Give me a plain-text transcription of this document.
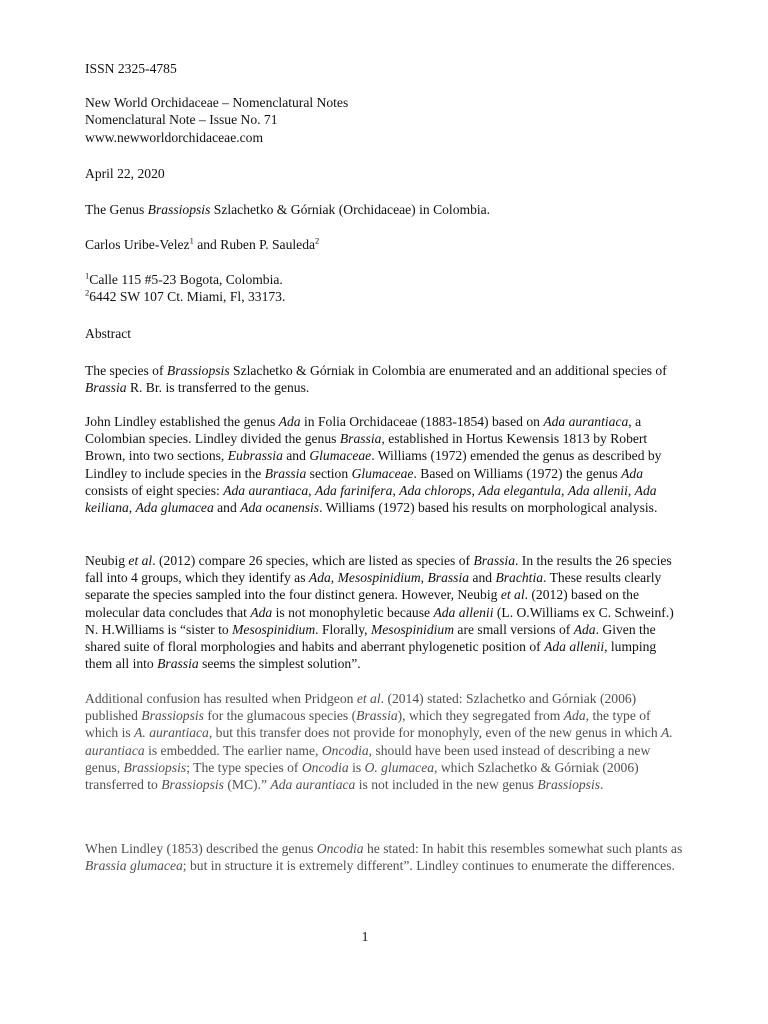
ISSN 2325-4785
New World Orchidaceae – Nomenclatural Notes
Nomenclatural Note – Issue No. 71
www.newworldorchidaceae.com
April 22, 2020
The Genus Brassiopsis Szlachetko & Górniak (Orchidaceae) in Colombia.
Carlos Uribe-Velez$^1$ and Ruben P. Sauleda$^2$
$^1$Calle 115 #5-23 Bogota, Colombia.
$^2$6442 SW 107 Ct. Miami, Fl, 33173.
Abstract

The species of Brassiopsis Szlachetko & Górniak in Colombia are enumerated and an additional species of Brassia R. Br. is transferred to the genus.

John Lindley established the genus Ada in Folia Orchidaceae (1883-1854) based on Ada aurantiaca, a Colombian species. Lindley divided the genus Brassia, established in Hortus Kewensis 1813 by Robert Brown, into two sections, Eubrassia and Glumaceae. Williams (1972) emended the genus as described by Lindley to include species in the Brassia section Glumaceae. Based on Williams (1972) the genus Ada consists of eight species: Ada aurantiaca, Ada farinifera, Ada chlorops, Ada elegantula, Ada allenii, Ada keiliana, Ada glumacea and Ada ocanensis. Williams (1972) based his results on morphological analysis.

Neubig et al. (2012) compare 26 species, which are listed as species of Brassia. In the results the 26 species fall into 4 groups, which they identify as Ada, Mesospinidium, Brassia and Brachtia. These results clearly separate the species sampled into the four distinct genera. However, Neubig et al. (2012) based on the molecular data concludes that Ada is not monophyletic because Ada allenii (L. O.Williams ex C. Schweinf.) N. H.Williams is “sister to Mesospinidium. Florally, Mesospinidium are small versions of Ada. Given the shared suite of floral morphologies and habits and aberrant phylogenetic position of Ada allenii, lumping them all into Brassia seems the simplest solution”.

Additional confusion has resulted when Pridgeon et al. (2014) stated: Szlachetko and Górniak (2006) published Brassiopsis for the glumacous species (Brassia), which they segregated from Ada, the type of which is A. aurantiaca, but this transfer does not provide for monophyly, even of the new genus in which A. aurantiaca is embedded. The earlier name, Oncodia, should have been used instead of describing a new genus, Brassiopsis; The type species of Oncodia is O. glumacea, which Szlachetko & Górniak (2006) transferred to Brassiopsis (MC).” Ada aurantiaca is not included in the new genus Brassiopsis.

When Lindley (1853) described the genus Oncodia he stated: In habit this resembles somewhat such plants as Brassia glumacea; but in structure it is extremely different”. Lindley continues to enumerate the differences.

1
